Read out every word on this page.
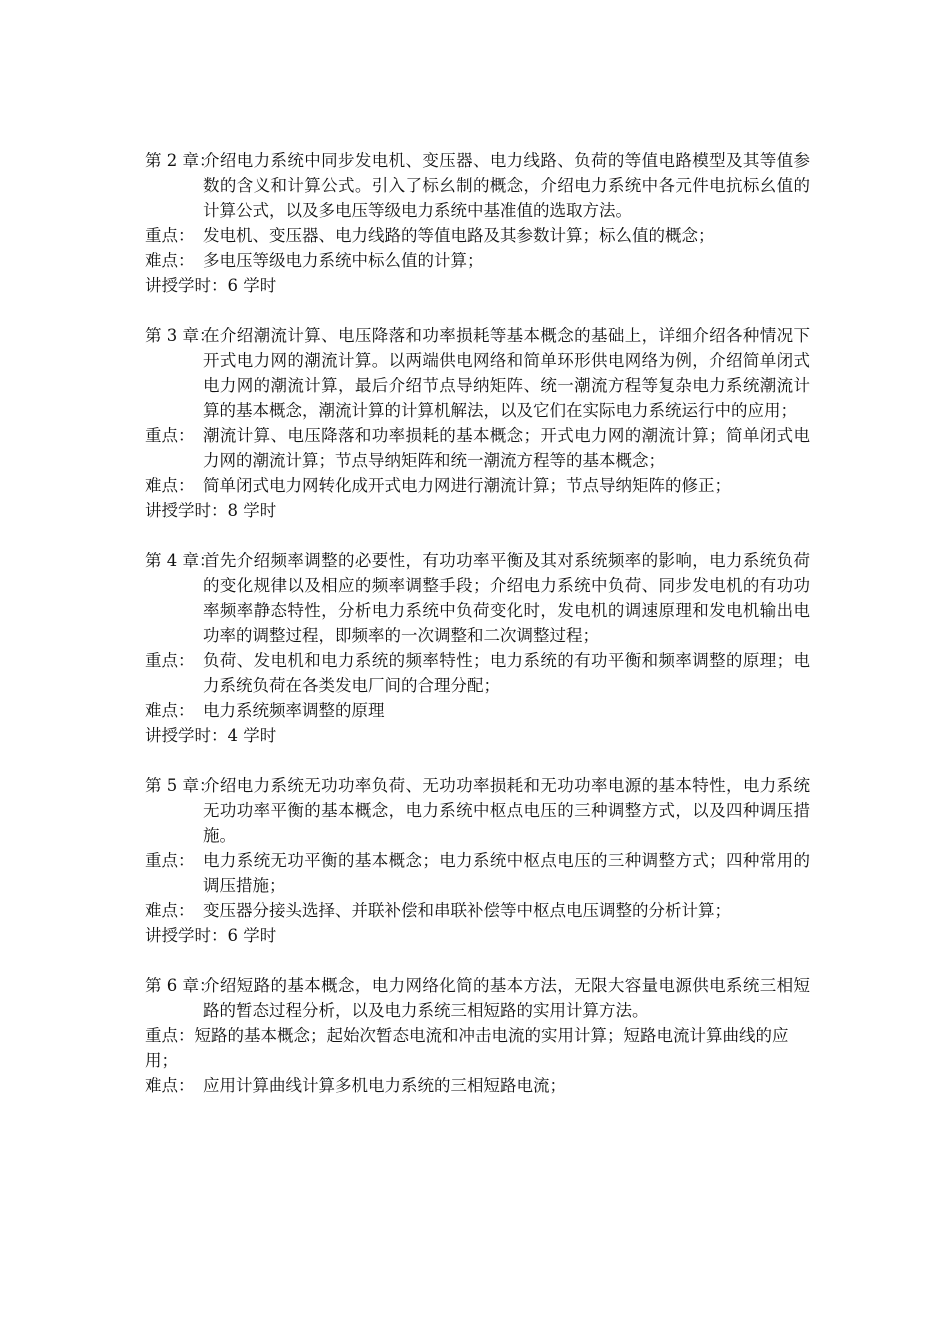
第 2 章：

介绍电力系统中同步发电机、变压器、电力线路、负荷的等值电路模型及其等值参数的含义和计算公式。引入了标幺制的概念，介绍电力系统中各元件电抗标幺值的计算公式，以及多电压等级电力系统中基准值的选取方法。

重点： 发电机、变压器、电力线路的等值电路及其参数计算；标么值的概念；

难点： 多电压等级电力系统中标么值的计算；

讲授学时：6 学时
第 3 章：

在介绍潮流计算、电压降落和功率损耗等基本概念的基础上，详细介绍各种情况下开式电力网的潮流计算。以两端供电网络和简单环形供电网络为例，介绍简单闭式电力网的潮流计算，最后介绍节点导纳矩阵、统一潮流方程等复杂电力系统潮流计算的基本概念，潮流计算的计算机解法，以及它们在实际电力系统运行中的应用；

重点： 潮流计算、电压降落和功率损耗的基本概念；开式电力网的潮流计算；简单闭式电力网的潮流计算；节点导纳矩阵和统一潮流方程等的基本概念；

难点： 简单闭式电力网转化成开式电力网进行潮流计算；节点导纳矩阵的修正；

讲授学时：8 学时
第 4 章：

首先介绍频率调整的必要性，有功功率平衡及其对系统频率的影响，电力系统负荷的变化规律以及相应的频率调整手段；介绍电力系统中负荷、同步发电机的有功功率频率静态特性，分析电力系统中负荷变化时，发电机的调速原理和发电机输出电功率的调整过程，即频率的一次调整和二次调整过程；

重点： 负荷、发电机和电力系统的频率特性；电力系统的有功平衡和频率调整的原理；电力系统负荷在各类发电厂间的合理分配；

难点： 电力系统频率调整的原理

讲授学时：4 学时
第 5 章：

介绍电力系统无功功率负荷、无功功率损耗和无功功率电源的基本特性，电力系统无功功率平衡的基本概念，电力系统中枢点电压的三种调整方式，以及四种调压措施。

重点： 电力系统无功平衡的基本概念；电力系统中枢点电压的三种调整方式；四种常用的调压措施；

难点： 变压器分接头选择、并联补偿和串联补偿等中枢点电压调整的分析计算；

讲授学时：6 学时
第 6 章：

介绍短路的基本概念，电力网络化简的基本方法，无限大容量电源供电系统三相短路的暂态过程分析，以及电力系统三相短路的实用计算方法。

重点：短路的基本概念；起始次暂态电流和冲击电流的实用计算；短路电流计算曲线的应用；
难点： 应用计算曲线计算多机电力系统的三相短路电流；
